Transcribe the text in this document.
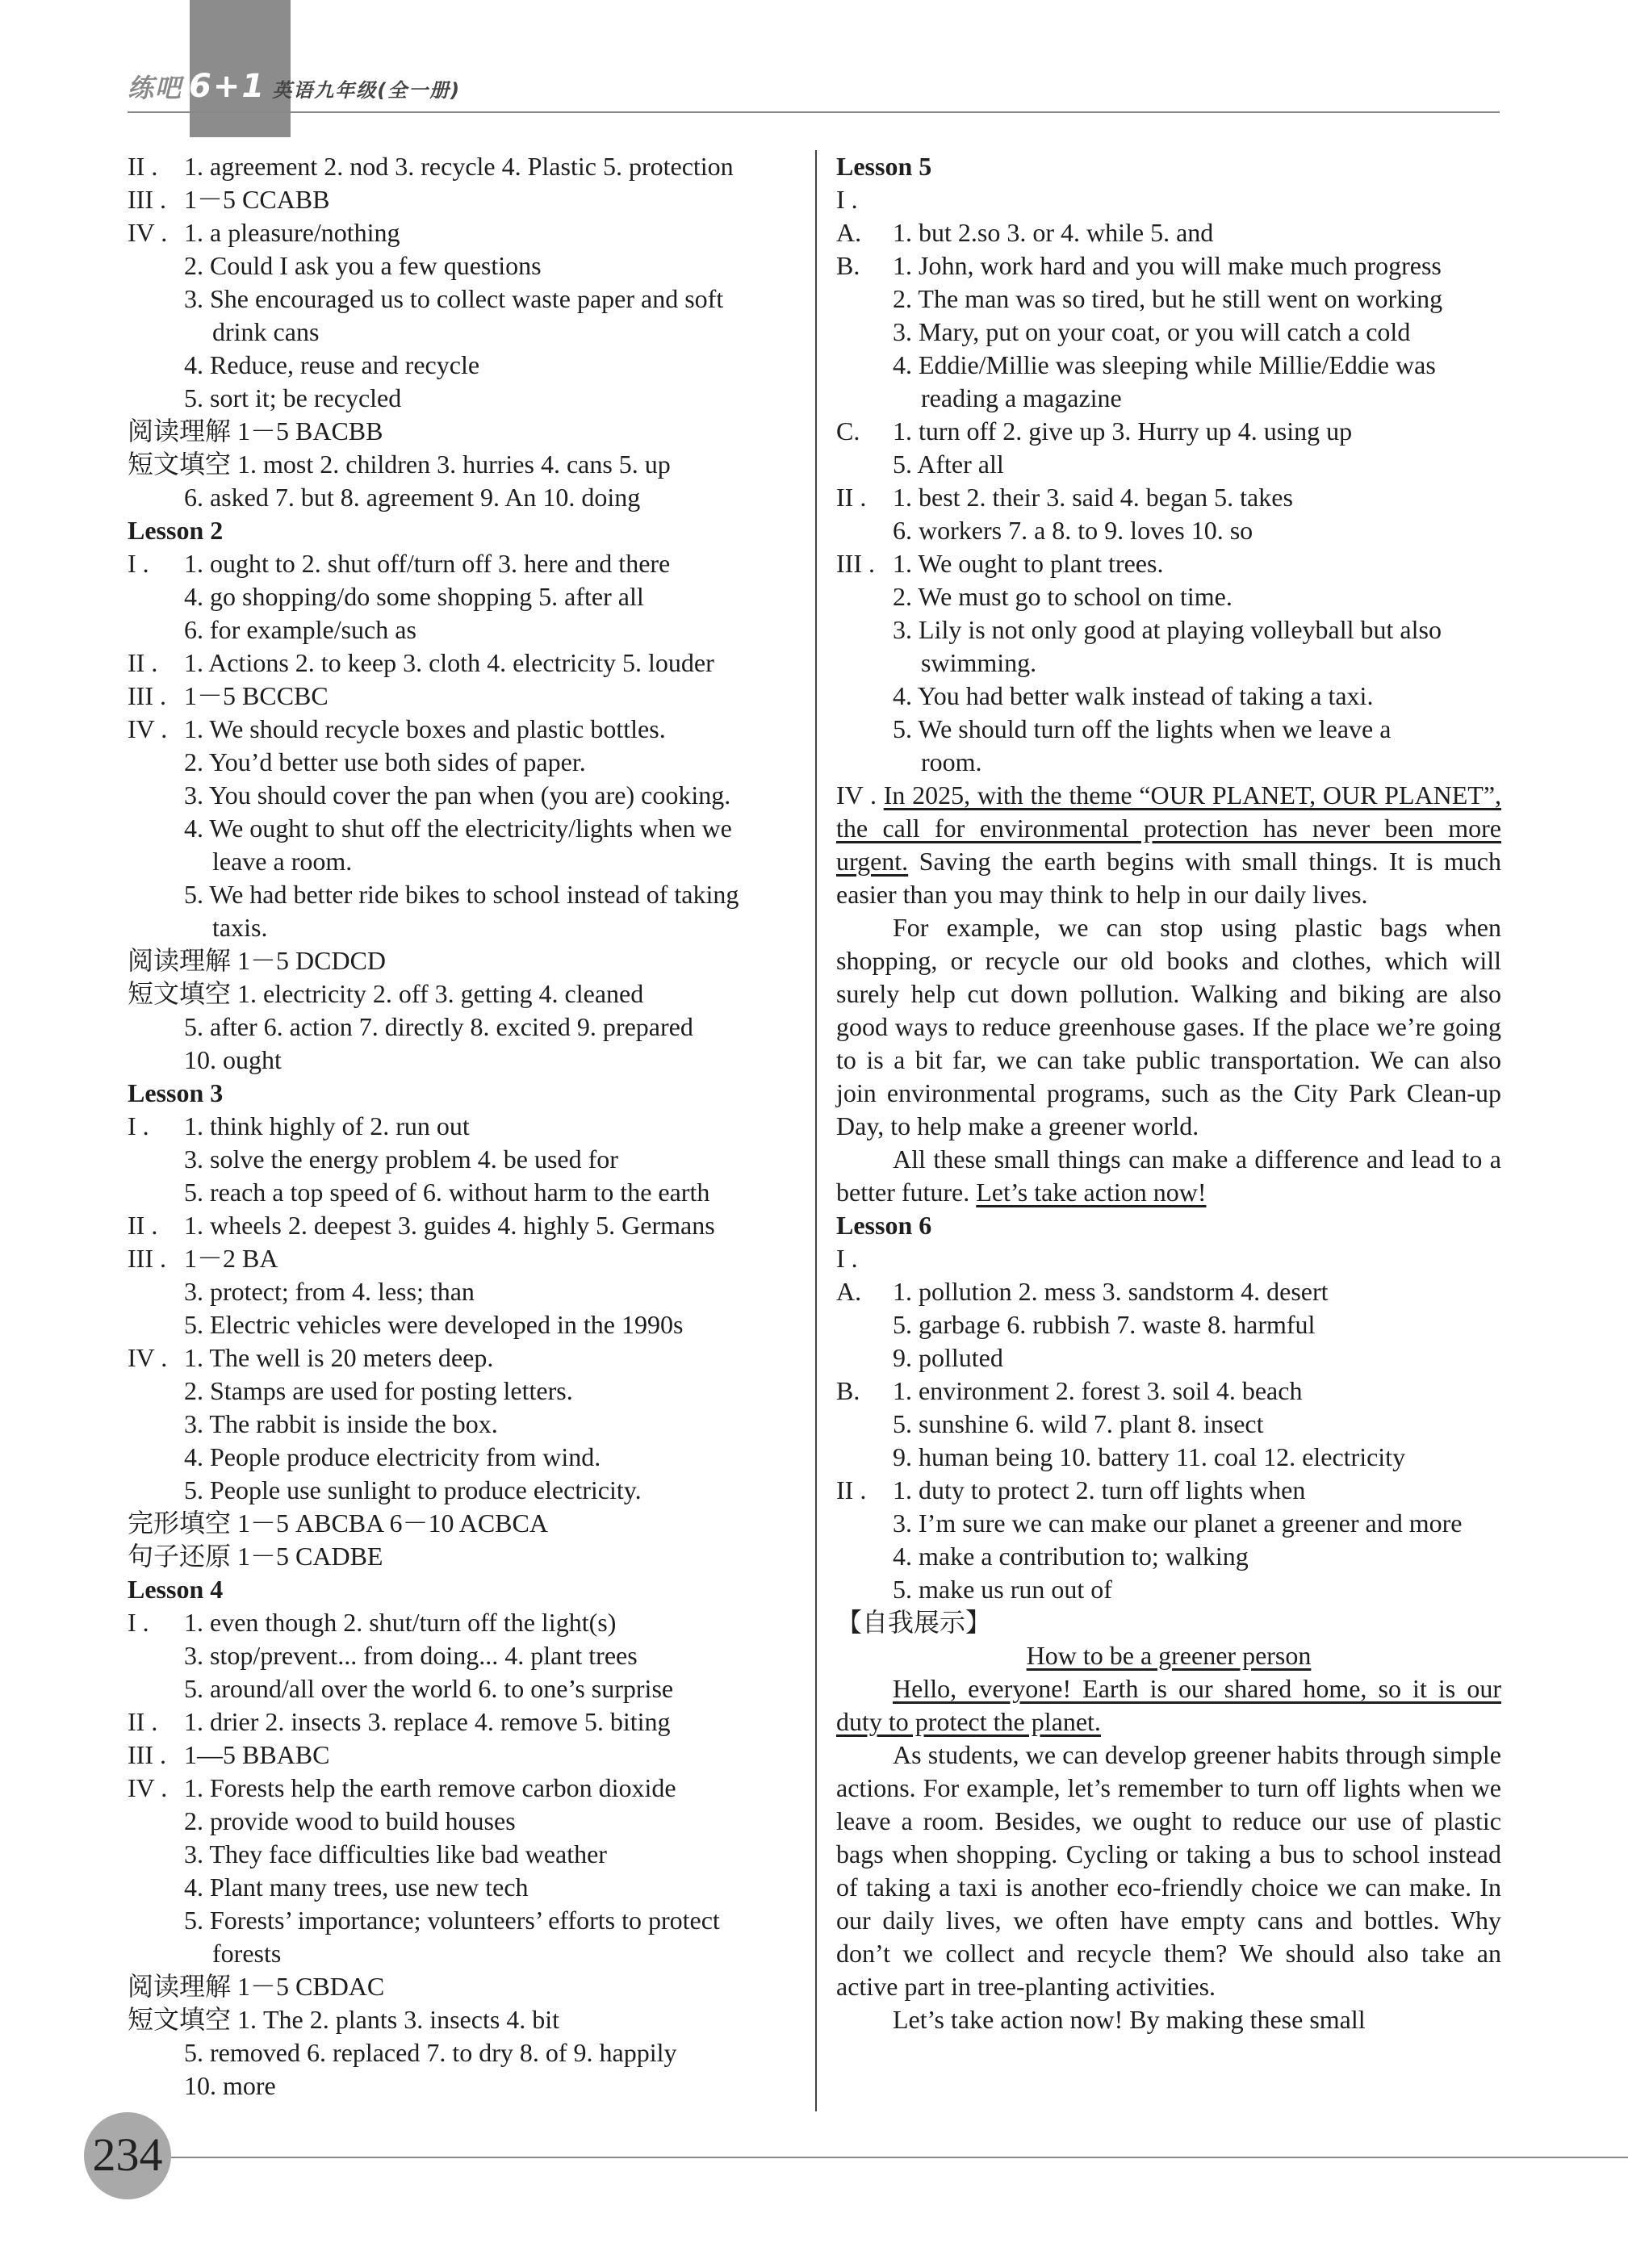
练吧 6+1 英语九年级(全一册)
II .	1. agreement 2. nod 3. recycle 4. Plastic 5. protection
III . 1－5 CCABB
IV . 1. a pleasure/nothing
2. Could I ask you a few questions
3. She encouraged us to collect waste paper and soft
drink cans
4. Reduce, reuse and recycle
5. sort it; be recycled
阅读理解 1－5 BACBB
短文填空 1. most 2. children 3. hurries 4. cans 5. up
6. asked 7. but 8. agreement 9. An 10. doing
Lesson 2
I .	1. ought to 2. shut off/turn off 3. here and there
4. go shopping/do some shopping 5. after all
6. for example/such as
II .	1. Actions 2. to keep 3. cloth 4. electricity 5. louder
III . 1－5 BCCBC
IV . 1. We should recycle boxes and plastic bottles.
2. You’d better use both sides of paper.
3. You should cover the pan when (you are) cooking.
4. We ought to shut off the electricity/lights when we
leave a room.
5. We had better ride bikes to school instead of taking
taxis.
阅读理解 1－5 DCDCD
短文填空 1. electricity 2. off 3. getting 4. cleaned
5. after 6. action 7. directly 8. excited 9. prepared
10. ought
Lesson 3
I .	1. think highly of 2. run out
3. solve the energy problem 4. be used for
5. reach a top speed of 6. without harm to the earth
II .	1. wheels 2. deepest 3. guides 4. highly 5. Germans
III . 1－2 BA
3. protect; from 4. less; than
5. Electric vehicles were developed in the 1990s
IV . 1. The well is 20 meters deep.
2. Stamps are used for posting letters.
3. The rabbit is inside the box.
4. People produce electricity from wind.
5. People use sunlight to produce electricity.
完形填空 1－5 ABCBA 6－10 ACBCA
句子还原 1－5 CADBE
Lesson 4
I .	1. even though 2. shut/turn off the light(s)
3. stop/prevent... from doing... 4. plant trees
5. around/all over the world 6. to one’s surprise
II .	1. drier 2. insects 3. replace 4. remove 5. biting
III . 1—5 BBABC
IV . 1. Forests help the earth remove carbon dioxide
2. provide wood to build houses
3. They face difficulties like bad weather
4. Plant many trees, use new tech
5. Forests’ importance; volunteers’ efforts to protect
forests
阅读理解 1－5 CBDAC
短文填空 1. The 2. plants 3. insects 4. bit
5. removed 6. replaced 7. to dry 8. of 9. happily
10. more
Lesson 5
I .
A.	1. but 2.so 3. or 4. while 5. and
B.	1. John, work hard and you will make much progress
2. The man was so tired, but he still went on working
3. Mary, put on your coat, or you will catch a cold
4. Eddie/Millie was sleeping while Millie/Eddie was
reading a magazine
C.	1. turn off 2. give up 3. Hurry up 4. using up
5. After all
II .	1. best 2. their 3. said 4. began 5. takes
6. workers 7. a 8. to 9. loves 10. so
III . 1. We ought to plant trees.
2. We must go to school on time.
3. Lily is not only good at playing volleyball but also
swimming.
4. You had better walk instead of taking a taxi.
5. We should turn off the lights when we leave a
room.
IV . In 2025, with the theme “OUR PLANET, OUR PLANET”, the call for environmental protection has never been more urgent. Saving the earth begins with small things. It is much easier than you may think to help in our daily lives.
For example, we can stop using plastic bags when shopping, or recycle our old books and clothes, which will surely help cut down pollution. Walking and biking are also good ways to reduce greenhouse gases. If the place we’re going to is a bit far, we can take public transportation. We can also join environmental programs, such as the City Park Clean-up Day, to help make a greener world.
All these small things can make a difference and lead to a better future. Let’s take action now!
Lesson 6
I .
A.	1. pollution 2. mess 3. sandstorm 4. desert
5. garbage 6. rubbish 7. waste 8. harmful
9. polluted
B.	1. environment 2. forest 3. soil 4. beach
5. sunshine 6. wild 7. plant 8. insect
9. human being 10. battery 11. coal 12. electricity
II .	1. duty to protect 2. turn off lights when
3. I’m sure we can make our planet a greener and more
4. make a contribution to; walking
5. make us run out of
【自我展示】
How to be a greener person
Hello, everyone! Earth is our shared home, so it is our duty to protect the planet.
As students, we can develop greener habits through simple actions. For example, let’s remember to turn off lights when we leave a room. Besides, we ought to reduce our use of plastic bags when shopping. Cycling or taking a bus to school instead of taking a taxi is another eco-friendly choice we can make. In our daily lives, we often have empty cans and bottles. Why don’t we collect and recycle them? We should also take an active part in tree-planting activities.
Let’s take action now! By making these small
234
